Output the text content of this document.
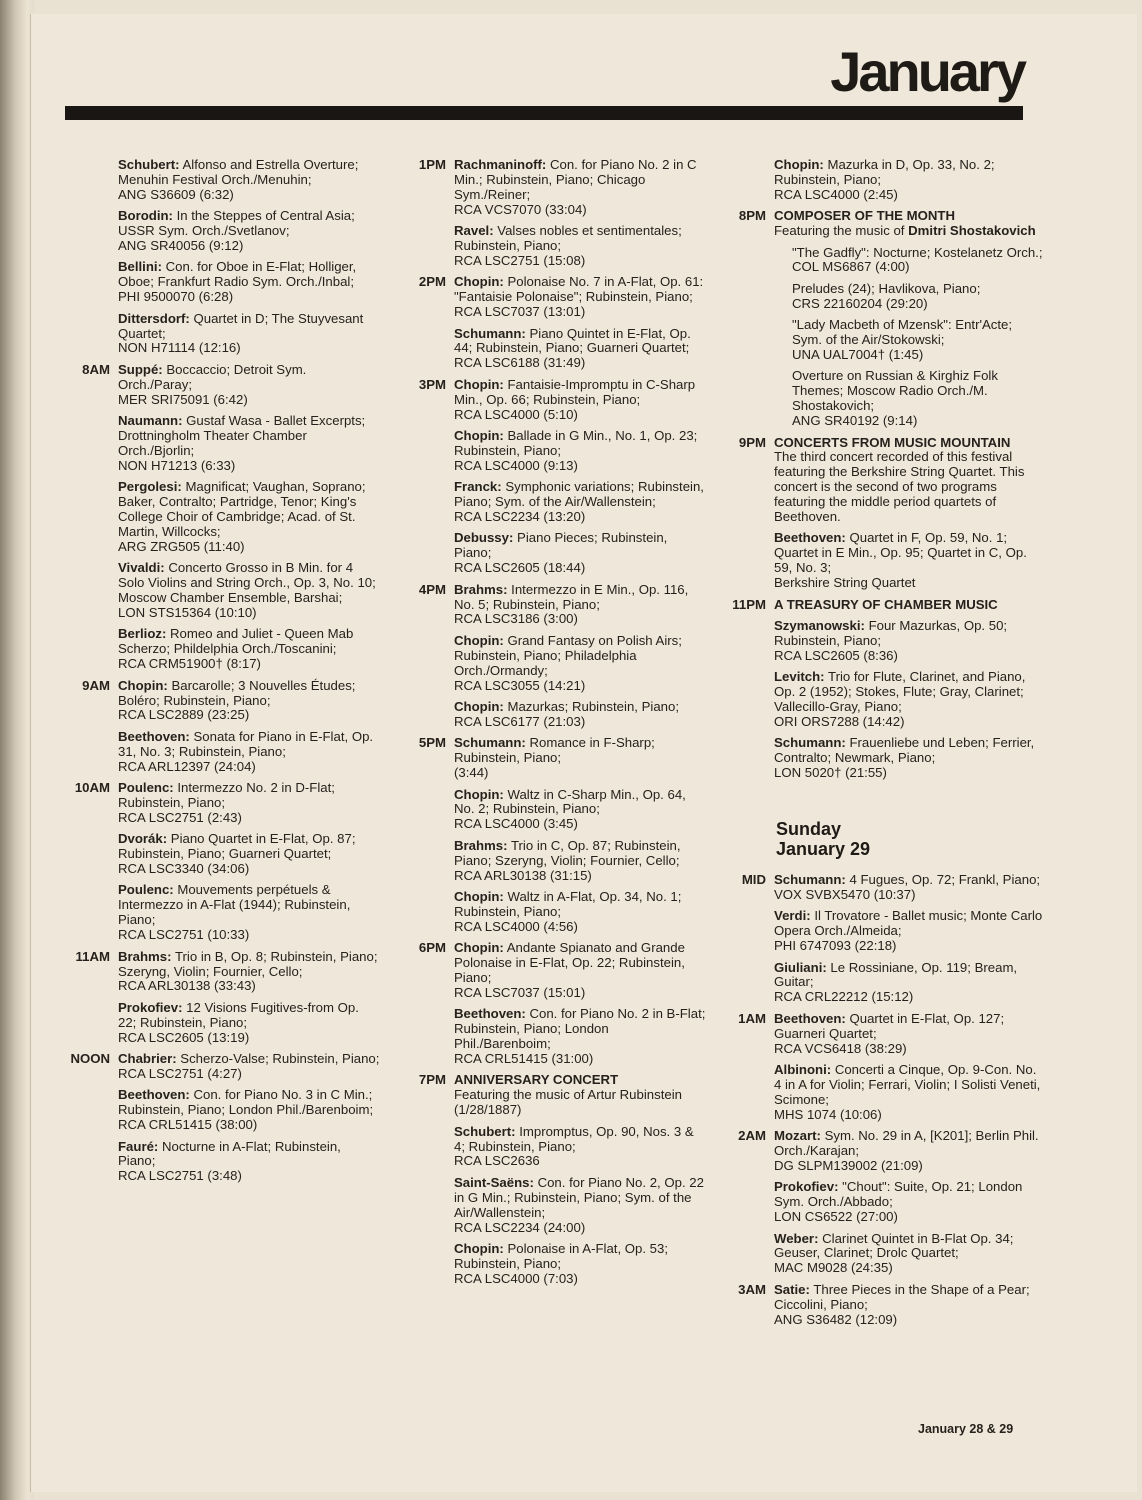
January
Schubert: Alfonso and Estrella Overture; Menuhin Festival Orch./Menuhin;
ANG S36609 (6:32)
Borodin: In the Steppes of Central Asia; USSR Sym. Orch./Svetlanov;
ANG SR40056 (9:12)
Bellini: Con. for Oboe in E-Flat; Holliger, Oboe; Frankfurt Radio Sym. Orch./Inbal;
PHI 9500070 (6:28)
Dittersdorf: Quartet in D; The Stuyvesant Quartet;
NON H71114 (12:16)
8AM Suppé: Boccaccio; Detroit Sym. Orch./Paray;
MER SRI75091 (6:42)
Naumann: Gustaf Wasa - Ballet Excerpts; Drottningholm Theater Chamber Orch./Bjorlin;
NON H71213 (6:33)
Pergolesi: Magnificat; Vaughan, Soprano; Baker, Contralto; Partridge, Tenor; King's College Choir of Cambridge; Acad. of St. Martin, Willcocks;
ARG ZRG505 (11:40)
Vivaldi: Concerto Grosso in B Min. for 4 Solo Violins and String Orch., Op. 3, No. 10; Moscow Chamber Ensemble, Barshai;
LON STS15364 (10:10)
Berlioz: Romeo and Juliet - Queen Mab Scherzo; Phildelphia Orch./Toscanini;
RCA CRM51900† (8:17)
9AM Chopin: Barcarolle; 3 Nouvelles Études; Boléro; Rubinstein, Piano;
RCA LSC2889 (23:25)
Beethoven: Sonata for Piano in E-Flat, Op. 31, No. 3; Rubinstein, Piano;
RCA ARL12397 (24:04)
10AM Poulenc: Intermezzo No. 2 in D-Flat; Rubinstein, Piano;
RCA LSC2751 (2:43)
Dvorák: Piano Quartet in E-Flat, Op. 87; Rubinstein, Piano; Guarneri Quartet;
RCA LSC3340 (34:06)
Poulenc: Mouvements perpétuels & Intermezzo in A-Flat (1944); Rubinstein, Piano;
RCA LSC2751 (10:33)
11AM Brahms: Trio in B, Op. 8; Rubinstein, Piano; Szeryng, Violin; Fournier, Cello;
RCA ARL30138 (33:43)
Prokofiev: 12 Visions Fugitives-from Op. 22; Rubinstein, Piano;
RCA LSC2605 (13:19)
NOON Chabrier: Scherzo-Valse; Rubinstein, Piano;
RCA LSC2751 (4:27)
Beethoven: Con. for Piano No. 3 in C Min.; Rubinstein, Piano; London Phil./Barenboim;
RCA CRL51415 (38:00)
Fauré: Nocturne in A-Flat; Rubinstein, Piano;
RCA LSC2751 (3:48)
1PM Rachmaninoff: Con. for Piano No. 2 in C Min.; Rubinstein, Piano; Chicago Sym./Reiner;
RCA VCS7070 (33:04)
Ravel: Valses nobles et sentimentales; Rubinstein, Piano;
RCA LSC2751 (15:08)
2PM Chopin: Polonaise No. 7 in A-Flat, Op. 61: "Fantaisie Polonaise"; Rubinstein, Piano;
RCA LSC7037 (13:01)
Schumann: Piano Quintet in E-Flat, Op. 44; Rubinstein, Piano; Guarneri Quartet;
RCA LSC6188 (31:49)
3PM Chopin: Fantaisie-Impromptu in C-Sharp Min., Op. 66; Rubinstein, Piano;
RCA LSC4000 (5:10)
Chopin: Ballade in G Min., No. 1, Op. 23; Rubinstein, Piano;
RCA LSC4000 (9:13)
Franck: Symphonic variations; Rubinstein, Piano; Sym. of the Air/Wallenstein;
RCA LSC2234 (13:20)
Debussy: Piano Pieces; Rubinstein, Piano;
RCA LSC2605 (18:44)
4PM Brahms: Intermezzo in E Min., Op. 116, No. 5; Rubinstein, Piano;
RCA LSC3186 (3:00)
Chopin: Grand Fantasy on Polish Airs; Rubinstein, Piano; Philadelphia Orch./Ormandy;
RCA LSC3055 (14:21)
Chopin: Mazurkas; Rubinstein, Piano;
RCA LSC6177 (21:03)
5PM Schumann: Romance in F-Sharp; Rubinstein, Piano;
(3:44)
Chopin: Waltz in C-Sharp Min., Op. 64, No. 2; Rubinstein, Piano;
RCA LSC4000 (3:45)
Brahms: Trio in C, Op. 87; Rubinstein, Piano; Szeryng, Violin; Fournier, Cello;
RCA ARL30138 (31:15)
Chopin: Waltz in A-Flat, Op. 34, No. 1; Rubinstein, Piano;
RCA LSC4000 (4:56)
6PM Chopin: Andante Spianato and Grande Polonaise in E-Flat, Op. 22; Rubinstein, Piano;
RCA LSC7037 (15:01)
Beethoven: Con. for Piano No. 2 in B-Flat; Rubinstein, Piano; London Phil./Barenboim;
RCA CRL51415 (31:00)
7PM ANNIVERSARY CONCERT
Featuring the music of Artur Rubinstein (1/28/1887)
Schubert: Impromptus, Op. 90, Nos. 3 & 4; Rubinstein, Piano;
RCA LSC2636
Saint-Saëns: Con. for Piano No. 2, Op. 22 in G Min.; Rubinstein, Piano; Sym. of the Air/Wallenstein;
RCA LSC2234 (24:00)
Chopin: Polonaise in A-Flat, Op. 53; Rubinstein, Piano;
RCA LSC4000 (7:03)
Chopin: Mazurka in D, Op. 33, No. 2; Rubinstein, Piano;
RCA LSC4000 (2:45)
8PM COMPOSER OF THE MONTH
Featuring the music of Dmitri Shostakovich
"The Gadfly": Nocturne; Kostelanetz Orch.;
COL MS6867 (4:00)
Preludes (24); Havlikova, Piano;
CRS 22160204 (29:20)
"Lady Macbeth of Mzensk": Entr'Acte; Sym. of the Air/Stokowski;
UNA UAL7004† (1:45)
Overture on Russian & Kirghiz Folk Themes; Moscow Radio Orch./M. Shostakovich;
ANG SR40192 (9:14)
9PM CONCERTS FROM MUSIC MOUNTAIN
The third concert recorded of this festival featuring the Berkshire String Quartet. This concert is the second of two programs featuring the middle period quartets of Beethoven.
Beethoven: Quartet in F, Op. 59, No. 1; Quartet in E Min., Op. 95; Quartet in C, Op. 59, No. 3;
Berkshire String Quartet
11PM A TREASURY OF CHAMBER MUSIC
Szymanowski: Four Mazurkas, Op. 50; Rubinstein, Piano;
RCA LSC2605 (8:36)
Levitch: Trio for Flute, Clarinet, and Piano, Op. 2 (1952); Stokes, Flute; Gray, Clarinet; Vallecillo-Gray, Piano;
ORI ORS7288 (14:42)
Schumann: Frauenliebe und Leben; Ferrier, Contralto; Newmark, Piano;
LON 5020† (21:55)
Sunday
January 29
MID Schumann: 4 Fugues, Op. 72; Frankl, Piano;
VOX SVBX5470 (10:37)
Verdi: Il Trovatore - Ballet music; Monte Carlo Opera Orch./Almeida;
PHI 6747093 (22:18)
Giuliani: Le Rossiniane, Op. 119; Bream, Guitar;
RCA CRL22212 (15:12)
1AM Beethoven: Quartet in E-Flat, Op. 127; Guarneri Quartet;
RCA VCS6418 (38:29)
Albinoni: Concerti a Cinque, Op. 9-Con. No. 4 in A for Violin; Ferrari, Violin; I Solisti Veneti, Scimone;
MHS 1074 (10:06)
2AM Mozart: Sym. No. 29 in A, [K201]; Berlin Phil. Orch./Karajan;
DG SLPM139002 (21:09)
Prokofiev: "Chout": Suite, Op. 21; London Sym. Orch./Abbado;
LON CS6522 (27:00)
Weber: Clarinet Quintet in B-Flat Op. 34; Geuser, Clarinet; Drolc Quartet;
MAC M9028 (24:35)
3AM Satie: Three Pieces in the Shape of a Pear; Ciccolini, Piano;
ANG S36482 (12:09)
January 28 & 29
